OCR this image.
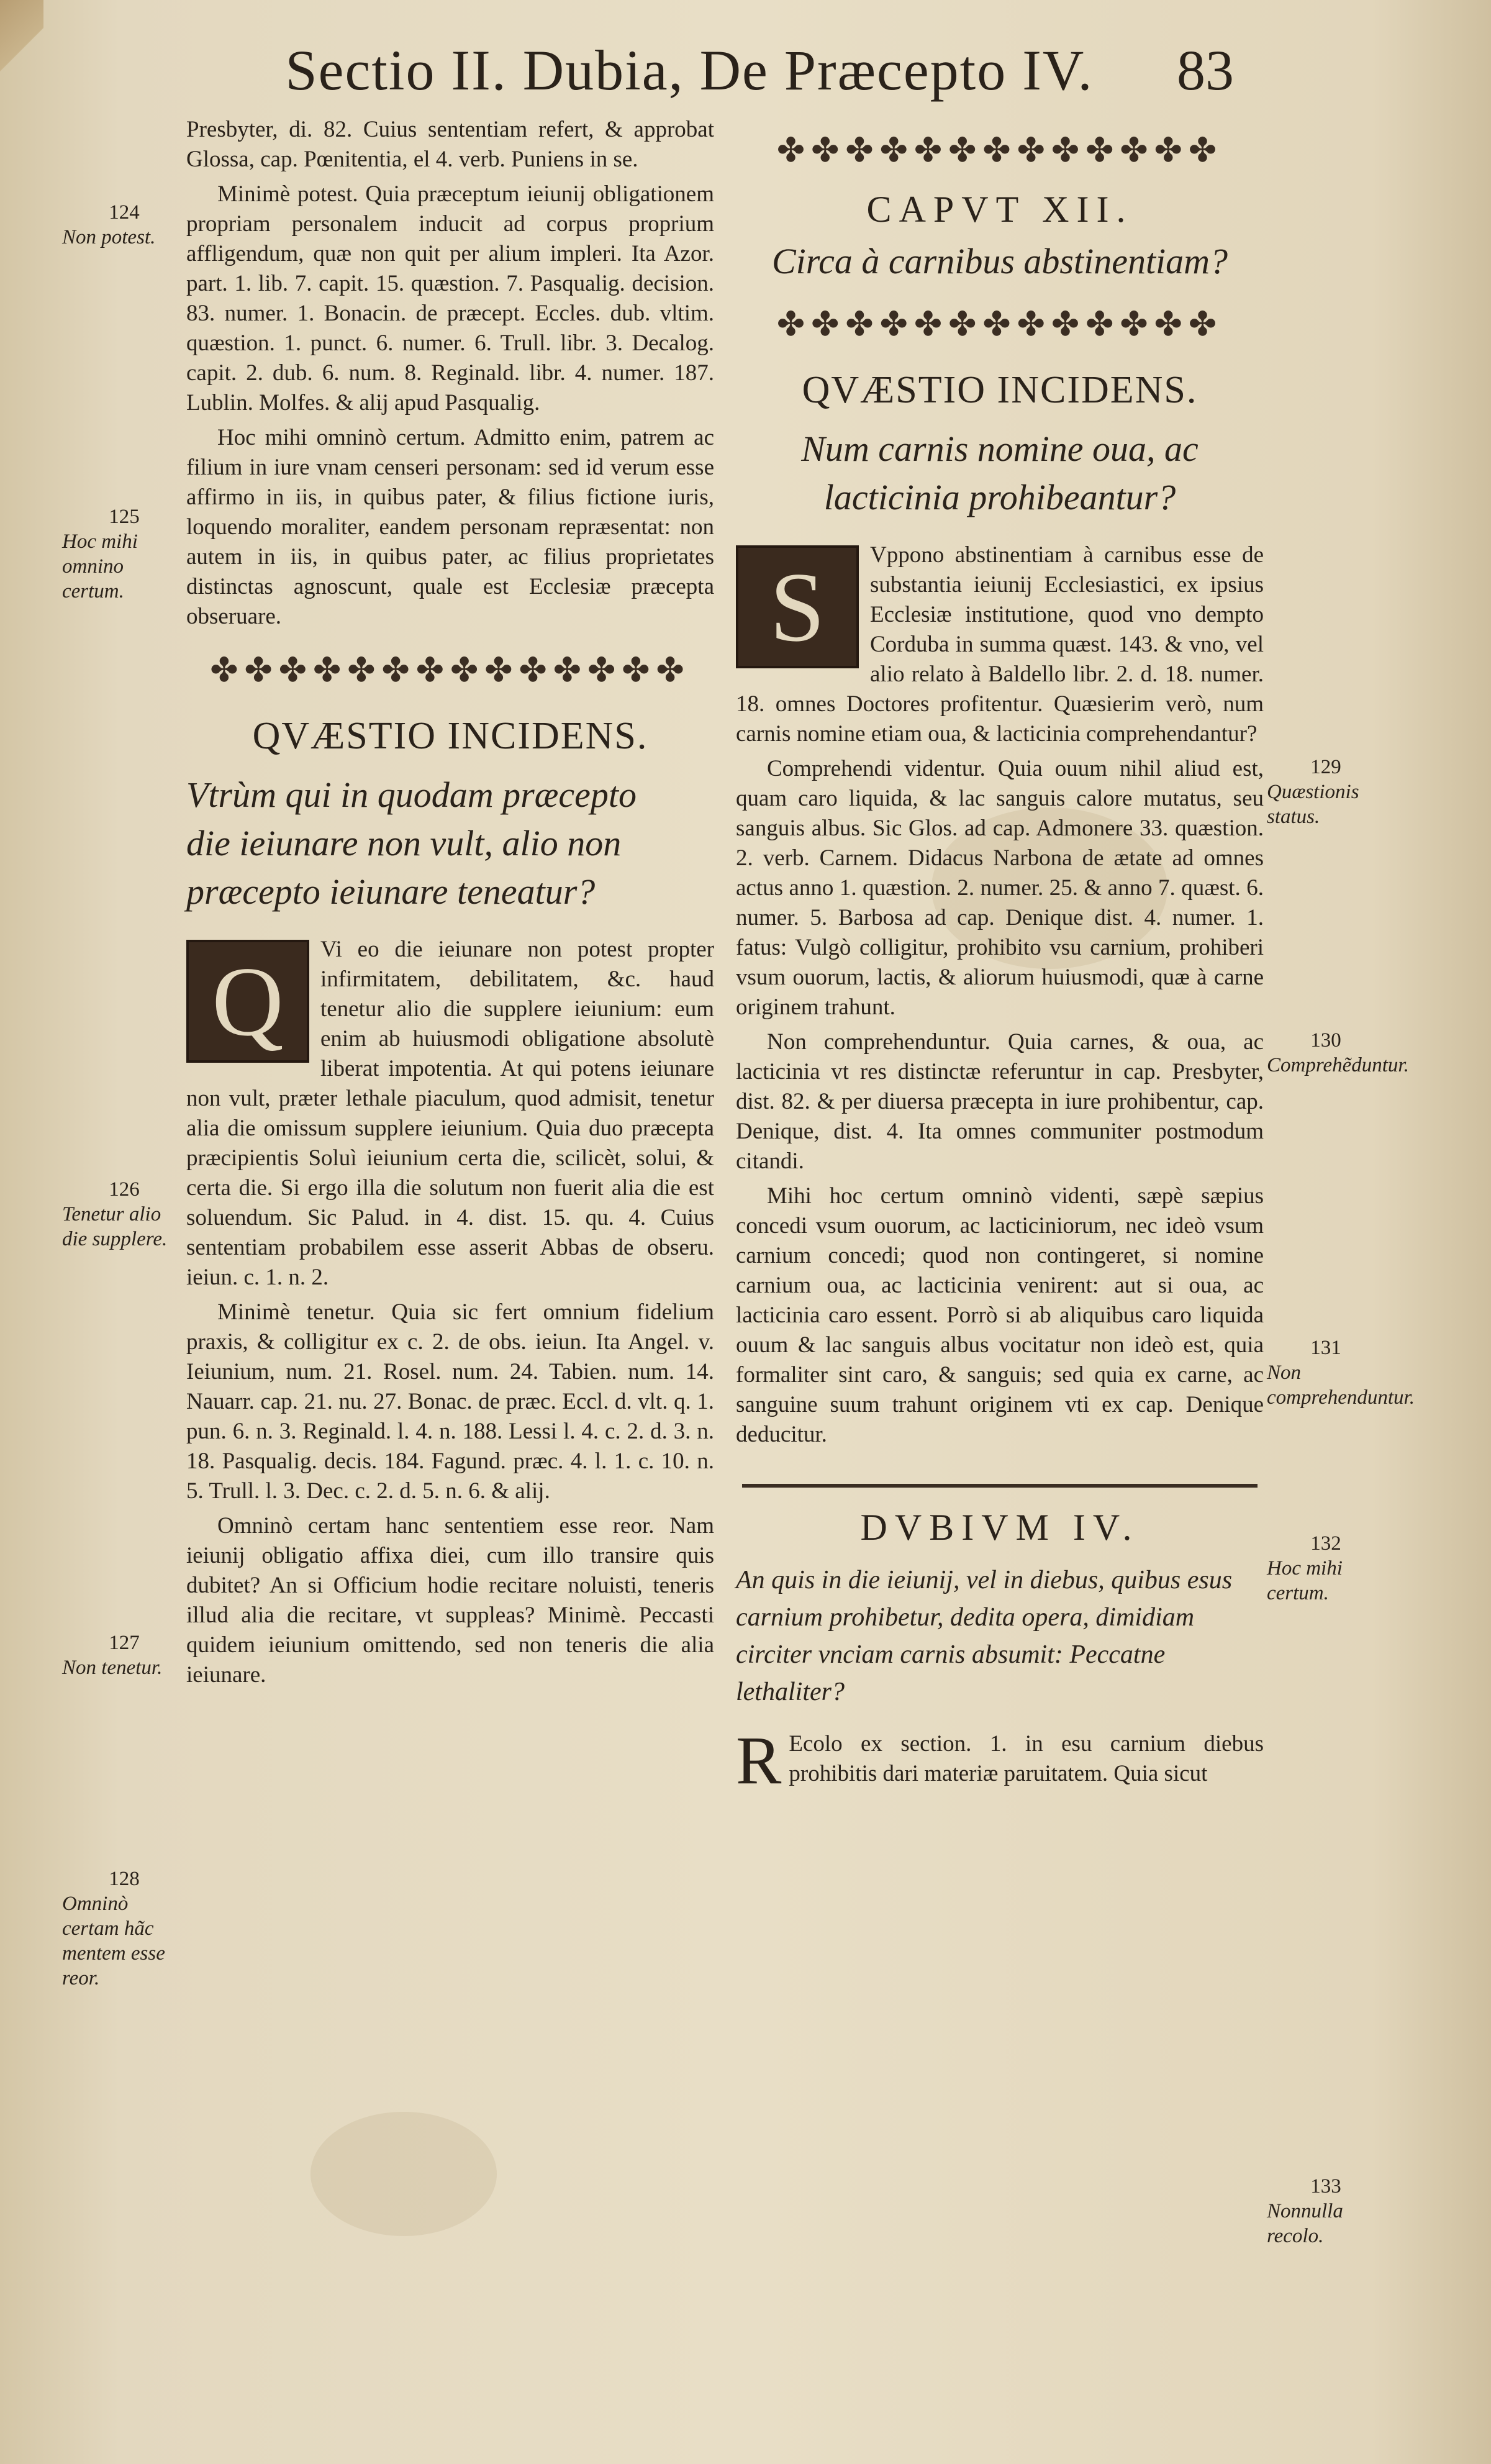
Sectio II. Dubia, De Præcepto IV.	83
124
Non potest.
125
Hoc mihi omnino certum.
126
Tenetur alio die supplere.
127
Non tenetur.
128
Omninò certam hãc mentem esse reor.

Presbyter, di. 82. Cuius sententiam refert, & approbat Glossa, cap. Pœnitentia, el 4. verb. Puniens in se.

Minimè potest. Quia præceptum ieiunij obligationem propriam personalem inducit ad corpus proprium affligendum, quæ non quit per alium impleri. Ita Azor. part. 1. lib. 7. capit. 15. quæstion. 7. Pasqualig. decision. 83. numer. 1. Bonacin. de præcept. Eccles. dub. vltim. quæstion. 1. punct. 6. numer. 6. Trull. libr. 3. Decalog. capit. 2. dub. 6. num. 8. Reginald. libr. 4. numer. 187. Lublin. Molfes. & alij apud Pasqualig.

Hoc mihi omninò certum. Admitto enim, patrem ac filium in iure vnam censeri personam: sed id verum esse affirmo in iis, in quibus pater, & filius fictione iuris, loquendo moraliter, eandem personam repræsentat: non autem in iis, in quibus pater, ac filius proprietates distinctas agnoscunt, quale est Ecclesiæ præcepta obseruare.

✤✤✤✤✤✤✤✤✤✤✤✤✤✤
QVÆSTIO INCIDENS.
Vtrùm qui in quodam præcepto die ieiunare non vult, alio non præcepto ieiunare teneatur?

Q	Vi eo die ieiunare non potest propter infirmitatem, debilitatem, &c. haud tenetur alio die supplere ieiunium: eum enim ab huiusmodi obligatione absolutè liberat impotentia. At qui potens ieiunare non vult, præter lethale piaculum, quod admisit, tenetur alia die omissum supplere ieiunium. Quia duo præcepta præcipientis Soluì ieiunium certa die, scilicèt, solui, & certa die. Si ergo illa die solutum non fuerit alia die est soluendum. Sic Palud. in 4. dist. 15. qu. 4. Cuius sententiam probabilem esse asserit Abbas de obseru. ieiun. c. 1. n. 2.

Minimè tenetur. Quia sic fert omnium fidelium praxis, & colligitur ex c. 2. de obs. ieiun. Ita Angel. v. Ieiunium, num. 21. Rosel. num. 24. Tabien. num. 14. Nauarr. cap. 21. nu. 27. Bonac. de præc. Eccl. d. vlt. q. 1. pun. 6. n. 3. Reginald. l. 4. n. 188. Lessi l. 4. c. 2. d. 3. n. 18. Pasqualig. decis. 184. Fagund. præc. 4. l. 1. c. 10. n. 5. Trull. l. 3. Dec. c. 2. d. 5. n. 6. & alij.

Omninò certam hanc sententiem esse reor. Nam ieiunij obligatio affixa diei, cum illo transire quis dubitet? An si Officium hodie recitare noluisti, teneris illud alia die recitare, vt suppleas? Minimè. Peccasti quidem ieiunium omittendo, sed non teneris die alia ieiunare.

✤✤✤✤✤✤✤✤✤✤✤✤✤
CAPVT XII.
Circa à carnibus abstinentiam?
✤✤✤✤✤✤✤✤✤✤✤✤✤
QVÆSTIO INCIDENS.
Num carnis nomine oua, ac lacticinia prohibeantur?

S	Vppono abstinentiam à carnibus esse de substantia ieiunij Ecclesiastici, ex ipsius Ecclesiæ institutione, quod vno dempto Corduba in summa quæst. 143. & vno, vel alio relato à Baldello libr. 2. d. 18. numer. 18. omnes Doctores profitentur. Quæsierim verò, num carnis nomine etiam oua, & lacticinia comprehendantur?

Comprehendi videntur. Quia ouum nihil aliud est, quam caro liquida, & lac sanguis calore mutatus, seu sanguis albus. Sic Glos. ad cap. Admonere 33. quæstion. 2. verb. Carnem. Didacus Narbona de ætate ad omnes actus anno 1. quæstion. 2. numer. 25. & anno 7. quæst. 6. numer. 5. Barbosa ad cap. Denique dist. 4. numer. 1. fatus: Vulgò colligitur, prohibito vsu carnium, prohiberi vsum ouorum, lactis, & aliorum huiusmodi, quæ à carne originem trahunt.

Non comprehenduntur. Quia carnes, & oua, ac lacticinia vt res distinctæ referuntur in cap. Presbyter, dist. 82. & per diuersa præcepta in iure prohibentur, cap. Denique, dist. 4. Ita omnes communiter postmodum citandi.

Mihi hoc certum omninò videnti, sæpè sæpius concedi vsum ouorum, ac lacticiniorum, nec ideò vsum carnium concedi; quod non contingeret, si nomine carnium oua, ac lacticinia venirent: aut si oua, ac lacticinia caro essent. Porrò si ab aliquibus caro liquida ouum & lac sanguis albus vocitatur non ideò est, quia formaliter sint caro, & sanguis; sed quia ex carne, ac sanguine suum trahunt originem vti ex cap. Denique deducitur.

DVBIVM IV.
An quis in die ieiunij, vel in diebus, quibus esus carnium prohibetur, dedita opera, dimidiam circiter vnciam carnis absumit: Peccatne lethaliter?

R Ecolo ex section. 1. in esu carnium diebus prohibitis dari materiæ paruitatem. Quia sicut

129
Quæstionis status.
130
Comprehẽduntur.
131
Non comprehenduntur.
132
Hoc mihi certum.
133
Nonnulla recolo.
